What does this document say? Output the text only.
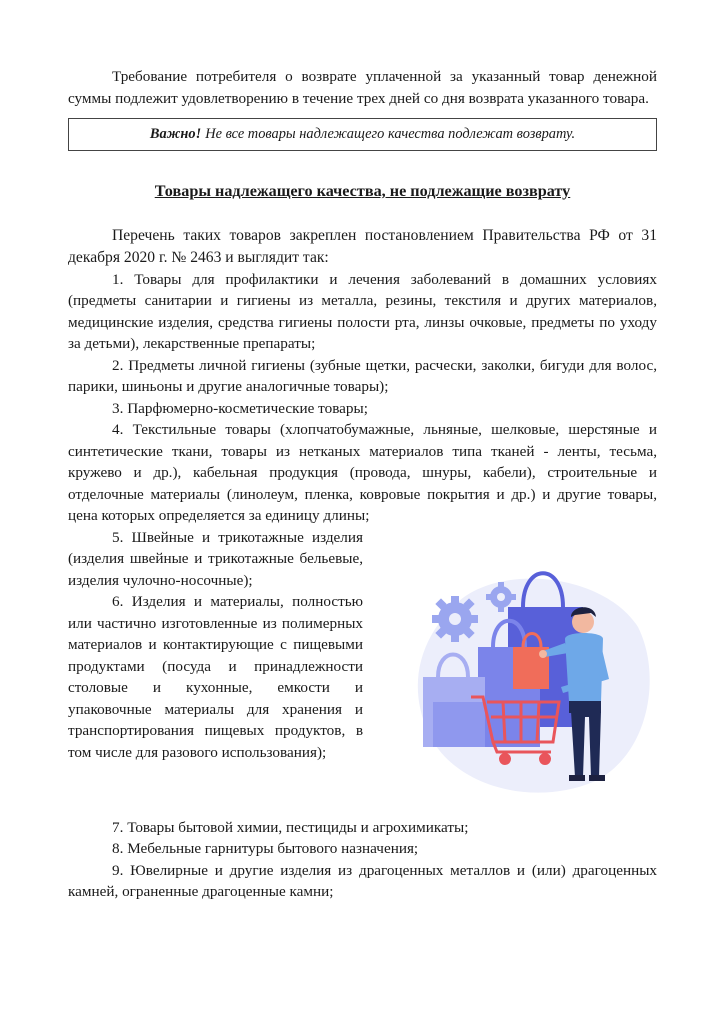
Требование потребителя о возврате уплаченной за указанный товар денежной суммы подлежит удовлетворению в течение трех дней со дня возврата указанного товара.

Важно! Не все товары надлежащего качества подлежат возврату.

Товары надлежащего качества, не подлежащие возврату

Перечень таких товаров закреплен постановлением Правительства РФ от 31 декабря 2020 г. № 2463 и выглядит так:

1. Товары для профилактики и лечения заболеваний в домашних условиях (предметы санитарии и гигиены из металла, резины, текстиля и других материалов, медицинские изделия, средства гигиены полости рта, линзы очковые, предметы по уходу за детьми), лекарственные препараты;

2. Предметы личной гигиены (зубные щетки, расчески, заколки, бигуди для волос, парики, шиньоны и другие аналогичные товары);

3. Парфюмерно-косметические товары;

4. Текстильные товары (хлопчатобумажные, льняные, шелковые, шерстяные и синтетические ткани, товары из нетканых материалов типа тканей - ленты, тесьма, кружево и др.), кабельная продукция (провода, шнуры, кабели), строительные и отделочные материалы (линолеум, пленка, ковровые покрытия и др.) и другие товары, цена которых определяется за единицу длины;

5. Швейные и трикотажные изделия (изделия швейные и трикотажные бельевые, изделия чулочно-носочные);

6. Изделия и материалы, полностью или частично изготовленные из полимерных материалов и контактирующие с пищевыми продуктами (посуда и принадлежности столовые и кухонные, емкости и упаковочные материалы для хранения и транспортирования пищевых продуктов, в том числе для разового использования);

7. Товары бытовой химии, пестициды и агрохимикаты;

8. Мебельные гарнитуры бытового назначения;

9. Ювелирные и другие изделия из драгоценных металлов и (или) драгоценных камней, ограненные драгоценные камни;
